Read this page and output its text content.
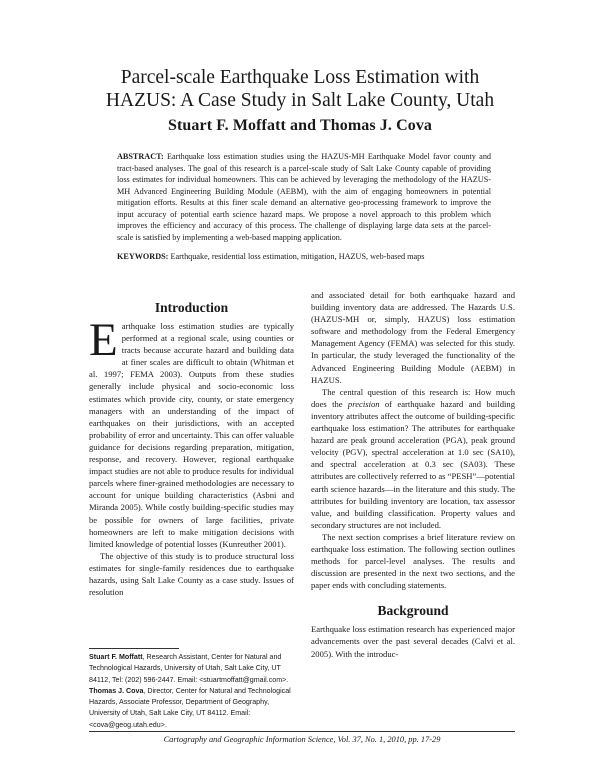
Parcel-scale Earthquake Loss Estimation with
HAZUS: A Case Study in Salt Lake County, Utah
Stuart F. Moffatt and Thomas J. Cova
ABSTRACT: Earthquake loss estimation studies using the HAZUS-MH Earthquake Model favor county and tract-based analyses. The goal of this research is a parcel-scale study of Salt Lake County capable of providing loss estimates for individual homeowners. This can be achieved by leveraging the methodology of the HAZUS-MH Advanced Engineering Building Module (AEBM), with the aim of engaging homeowners in potential mitigation efforts. Results at this finer scale demand an alternative geo-processing framework to improve the input accuracy of potential earth science hazard maps. We propose a novel approach to this problem which improves the efficiency and accuracy of this process. The challenge of displaying large data sets at the parcel-scale is satisfied by implementing a web-based mapping application.
KEYWORDS: Earthquake, residential loss estimation, mitigation, HAZUS, web-based maps
Introduction

Earthquake loss estimation studies are typically performed at a regional scale, using counties or tracts because accurate hazard and building data at finer scales are difficult to obtain (Whitman et al. 1997; FEMA 2003). Outputs from these studies generally include physical and socio-economic loss estimates which provide city, county, or state emergency managers with an understanding of the impact of earthquakes on their jurisdictions, with an accepted probability of error and uncertainty. This can offer valuable guidance for decisions regarding preparation, mitigation, response, and recovery. However, regional earthquake impact studies are not able to produce results for individual parcels where finer-grained methodologies are necessary to account for unique building characteristics (Asbni and Miranda 2005). While costly building-specific studies may be possible for owners of large facilities, private homeowners are left to make mitigation decisions with limited knowledge of potential losses (Kunreuther 2001).

The objective of this study is to produce structural loss estimates for single-family residences due to earthquake hazards, using Salt Lake County as a case study. Issues of resolution

and associated detail for both earthquake hazard and building inventory data are addressed. The Hazards U.S. (HAZUS-MH or, simply, HAZUS) loss estimation software and methodology from the Federal Emergency Management Agency (FEMA) was selected for this study. In particular, the study leveraged the functionality of the Advanced Engineering Building Module (AEBM) in HAZUS.

The central question of this research is: How much does the precision of earthquake hazard and building inventory attributes affect the outcome of building-specific earthquake loss estimation? The attributes for earthquake hazard are peak ground acceleration (PGA), peak ground velocity (PGV), spectral acceleration at 1.0 sec (SA10), and spectral acceleration at 0.3 sec (SA03). These attributes are collectively referred to as “PESH”—potential earth science hazards—in the literature and this study. The attributes for building inventory are location, tax assessor value, and building classification. Property values and secondary structures are not included.

The next section comprises a brief literature review on earthquake loss estimation. The following section outlines methods for parcel-level analyses. The results and discussion are presented in the next two sections, and the paper ends with concluding statements.

Background

Earthquake loss estimation research has experienced major advancements over the past several decades (Calvi et al. 2005). With the introduc-

Stuart F. Moffatt, Research Assistant, Center for Natural and Technological Hazards, University of Utah, Salt Lake City, UT 84112, Tel: (202) 596-2447. Email: <stuartmoffatt@gmail.com>. Thomas J. Cova, Director, Center for Natural and Technological Hazards, Associate Professor, Department of Geography, University of Utah, Salt Lake City, UT 84112. Email: <cova@geog.utah.edu>.
Cartography and Geographic Information Science, Vol. 37, No. 1, 2010, pp. 17-29
